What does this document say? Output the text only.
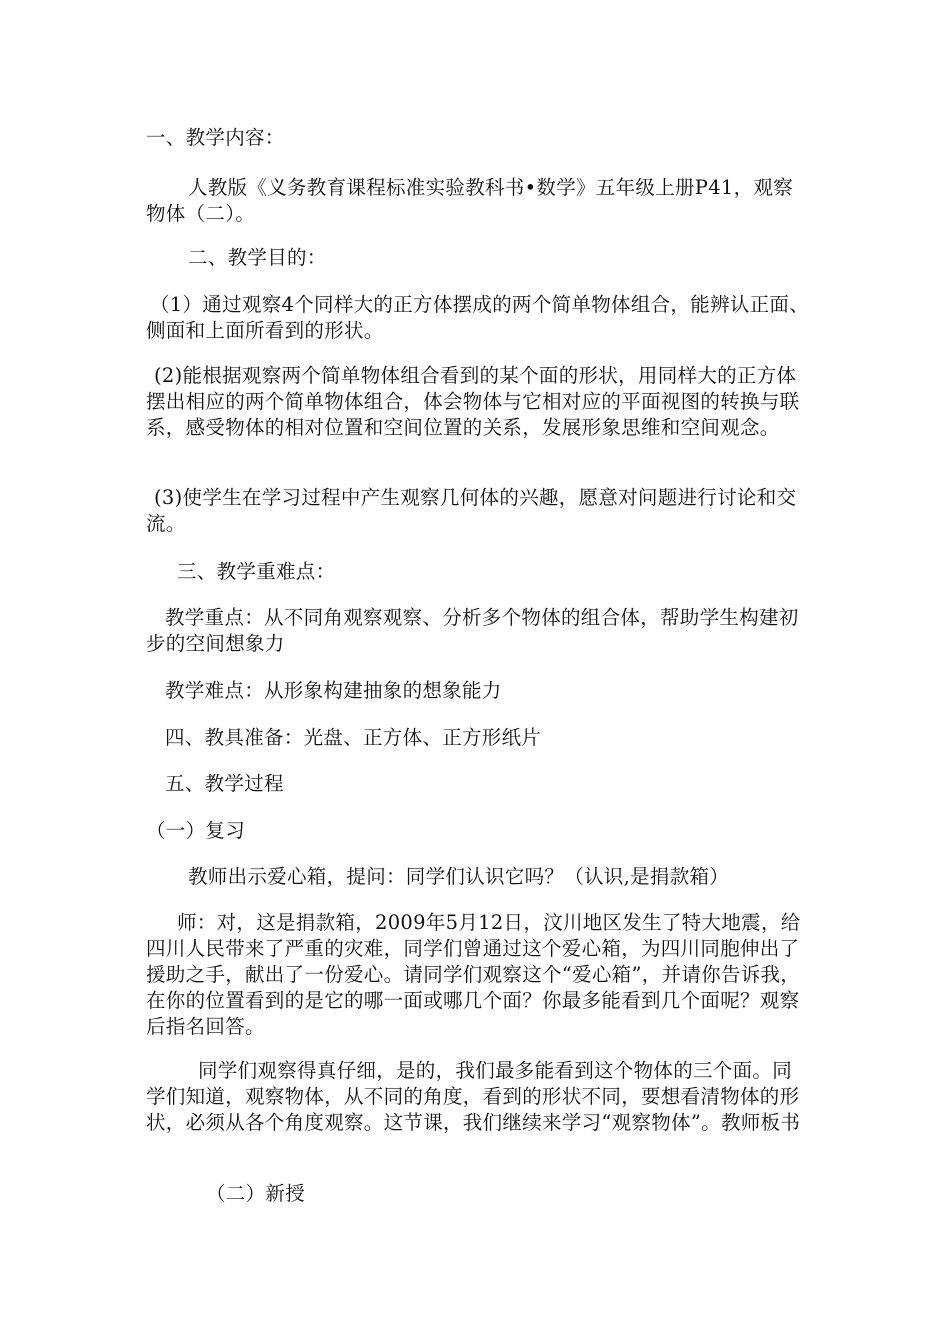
一、教学内容：

人教版《义务教育课程标准实验教科书•数学》五年级上册P41，观察物体（二）。

二、教学目的：

（1）通过观察4个同样大的正方体摆成的两个简单物体组合，能辨认正面、侧面和上面所看到的形状。

(2)能根据观察两个简单物体组合看到的某个面的形状，用同样大的正方体摆出相应的两个简单物体组合，体会物体与它相对应的平面视图的转换与联系，感受物体的相对位置和空间位置的关系，发展形象思维和空间观念。

(3)使学生在学习过程中产生观察几何体的兴趣，愿意对问题进行讨论和交流。

三、教学重难点：

教学重点：从不同角观察观察、分析多个物体的组合体，帮助学生构建初步的空间想象力

教学难点：从形象构建抽象的想象能力

四、教具准备：光盘、正方体、正方形纸片

五、教学过程

（一）复习

教师出示爱心箱，提问：同学们认识它吗？（认识,是捐款箱）

师：对，这是捐款箱，2009年5月12日，汶川地区发生了特大地震，给四川人民带来了严重的灾难，同学们曾通过这个爱心箱，为四川同胞伸出了援助之手，献出了一份爱心。请同学们观察这个“爱心箱”，并请你告诉我，在你的位置看到的是它的哪一面或哪几个面？你最多能看到几个面呢？观察后指名回答。

同学们观察得真仔细，是的，我们最多能看到这个物体的三个面。同学们知道，观察物体，从不同的角度，看到的形状不同，要想看清物体的形状，必须从各个角度观察。这节课，我们继续来学习“观察物体”。教师板书

（二）新授
